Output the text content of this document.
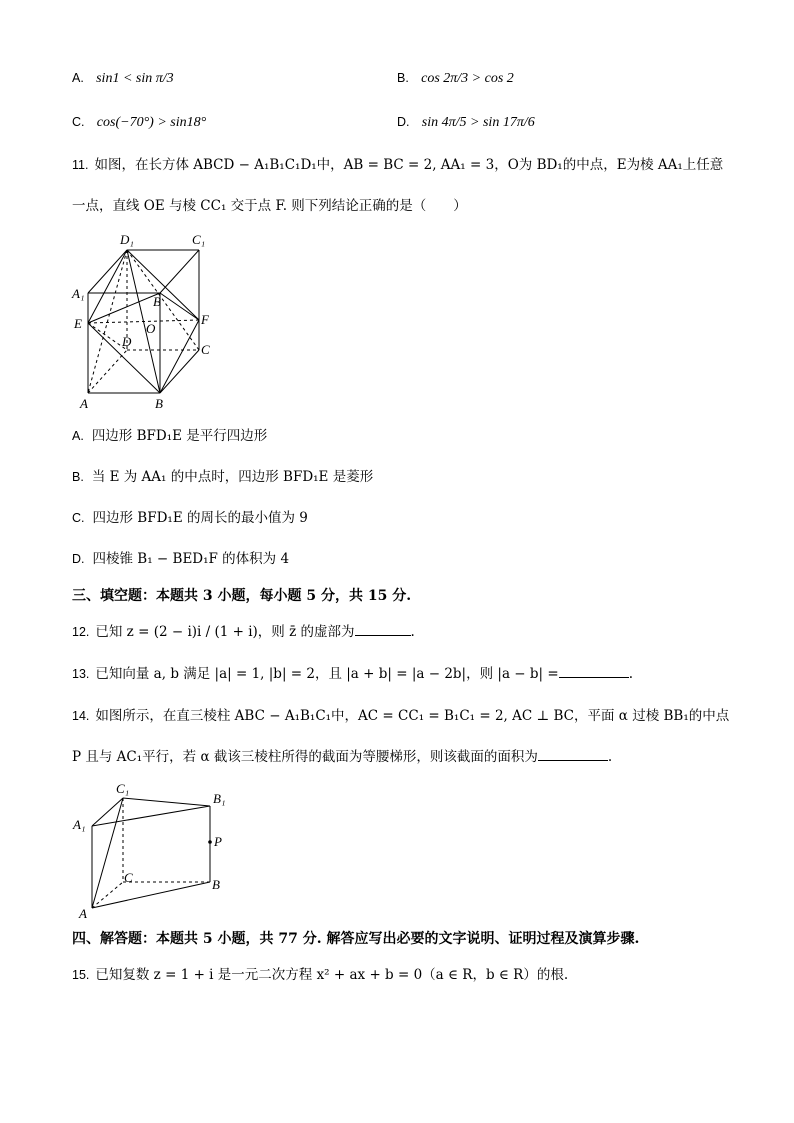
A. sin1 < sin π/3	B. cos 2π/3 > cos 2
C. cos(−70°) > sin18°	D. sin 4π/5 > sin 17π/6
11. 如图，在长方体 ABCD − A₁B₁C₁D₁中，AB = BC = 2, AA₁ = 3，O为 BD₁的中点，E为棱 AA₁上任意
一点，直线 OE 与棱 CC₁ 交于点 F. 则下列结论正确的是（　　）
D₁	C₁
A₁
B
E	O
F
D
C
A	B
A. 四边形 BFD₁E 是平行四边形
B. 当 E 为 AA₁ 的中点时，四边形 BFD₁E 是菱形
C. 四边形 BFD₁E 的周长的最小值为 9
D. 四棱锥 B₁ − BED₁F 的体积为 4
三、填空题：本题共 3 小题，每小题 5 分，共 15 分.
12. 已知 z = (2 − i)i / (1 + i)，则 z̄ 的虚部为	.
13. 已知向量 a, b 满足 |a| = 1, |b| = 2，且 |a + b| = |a − 2b|，则 |a − b| =	.
14. 如图所示，在直三棱柱 ABC − A₁B₁C₁中，AC = CC₁ = B₁C₁ = 2, AC ⊥ BC，平面 α 过棱 BB₁的中点
P 且与 AC₁平行，若 α 截该三棱柱所得的截面为等腰梯形，则该截面的面积为	.
C₁
B₁
A₁
P
C	B
A
四、解答题：本题共 5 小题，共 77 分. 解答应写出必要的文字说明、证明过程及演算步骤.
15. 已知复数 z = 1 + i 是一元二次方程 x² + ax + b = 0（a ∈ R，b ∈ R）的根.
